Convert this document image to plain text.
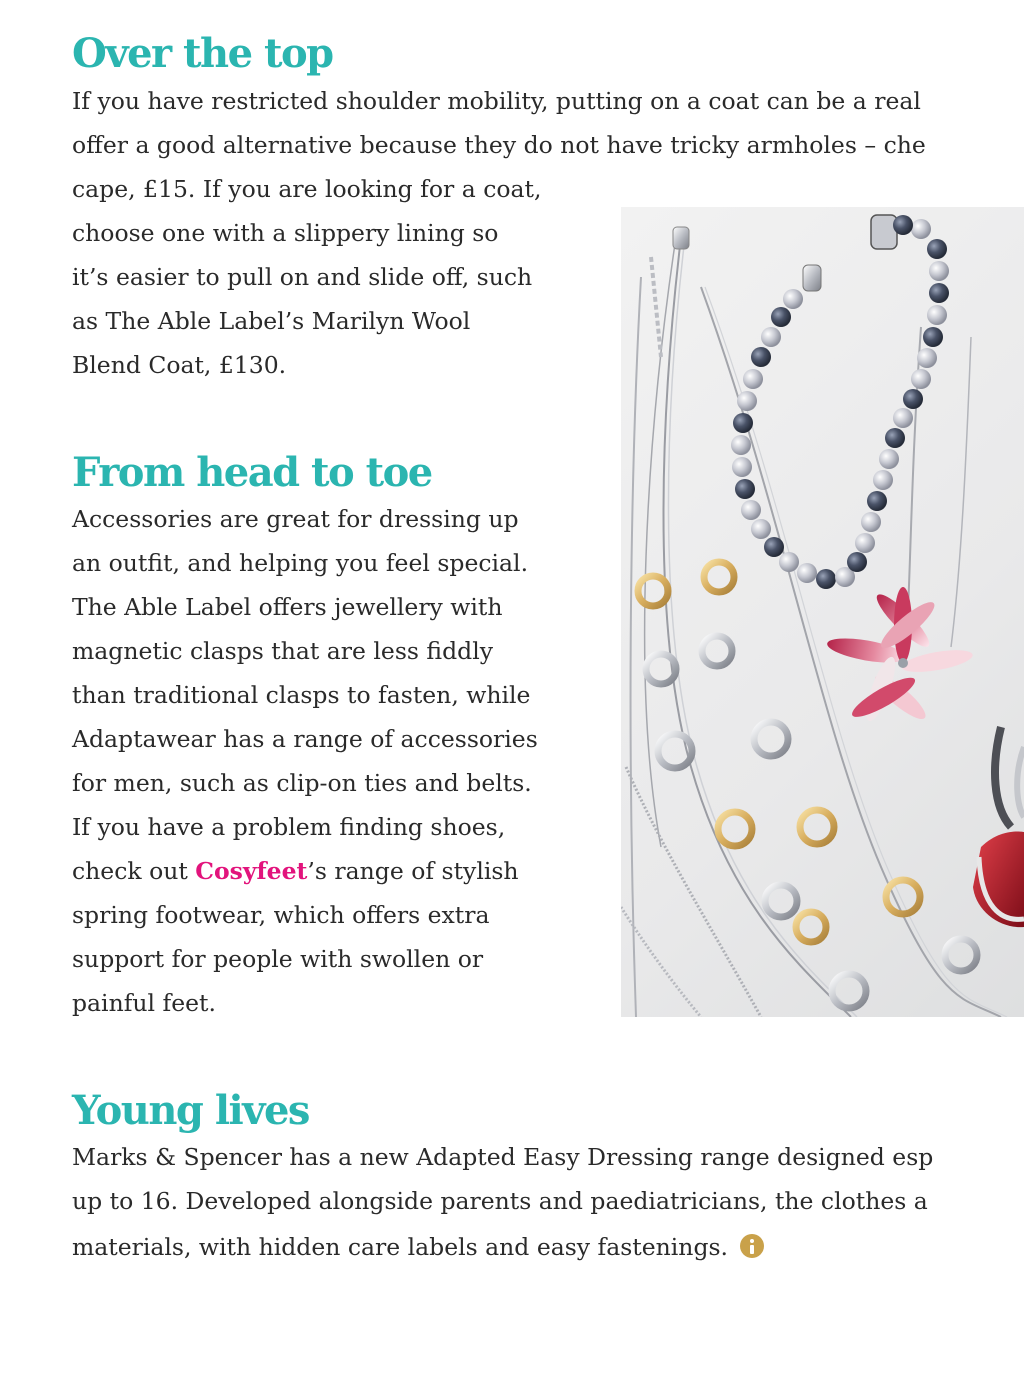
Over the top

If you have restricted shoulder mobility, putting on a coat can be a real

offer a good alternative because they do not have tricky armholes – che

cape, £15. If you are looking for a coat,

choose one with a slippery lining so

it’s easier to pull on and slide off, such

as The Able Label’s Marilyn Wool

Blend Coat, £130.

From head to toe

Accessories are great for dressing up

an outfit, and helping you feel special.

The Able Label offers jewellery with

magnetic clasps that are less fiddly

than traditional clasps to fasten, while

Adaptawear has a range of accessories

for men, such as clip-on ties and belts.

If you have a problem finding shoes,

check out Cosyfeet’s range of stylish

spring footwear, which offers extra

support for people with swollen or

painful feet.

Young lives

Marks & Spencer has a new Adapted Easy Dressing range designed esp

up to 16. Developed alongside parents and paediatricians, the clothes a

materials, with hidden care labels and easy fastenings.
